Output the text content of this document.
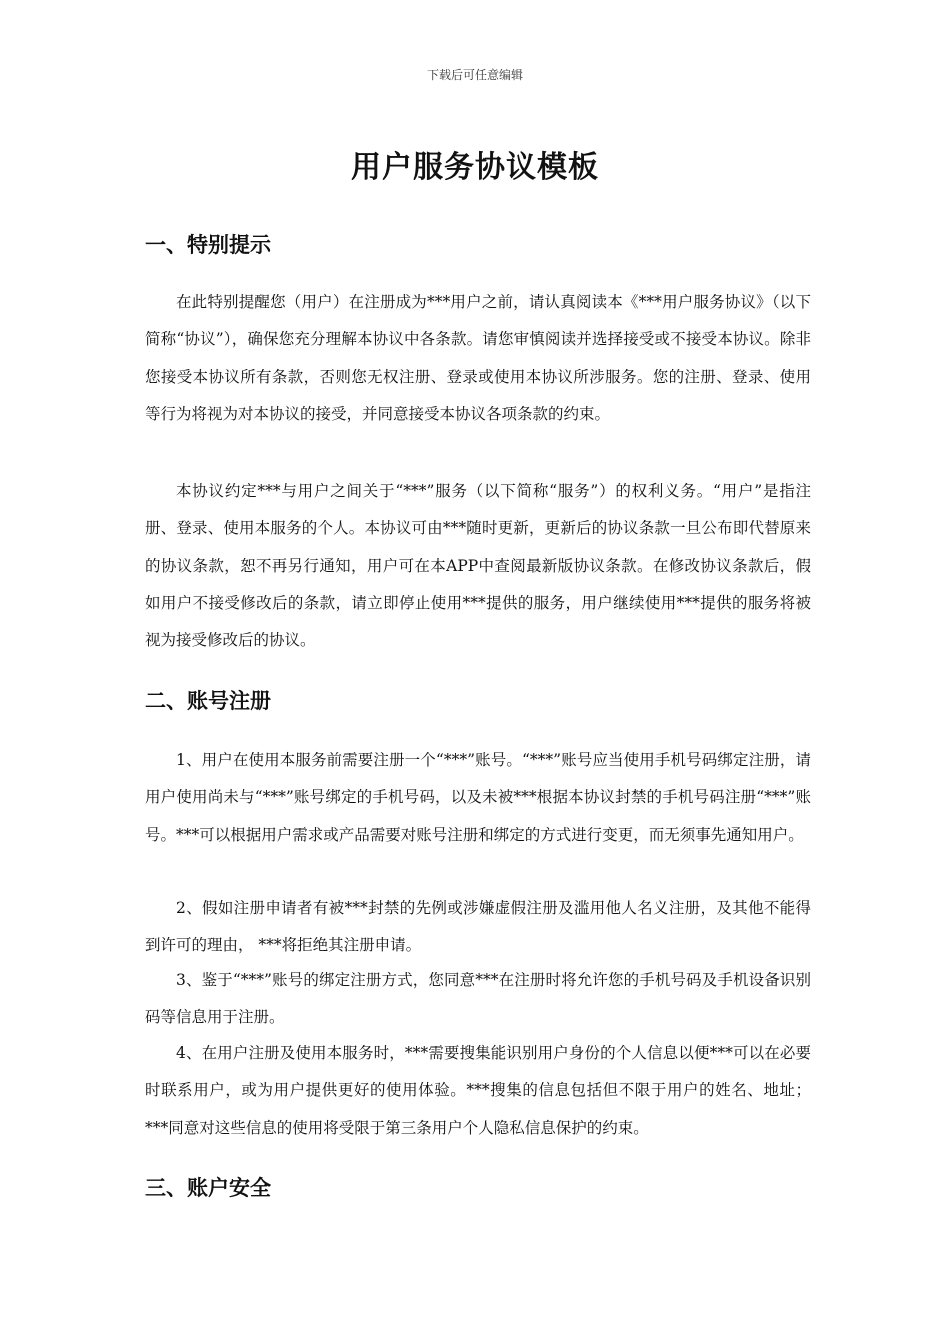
下载后可任意编辑
用户服务协议模板
一、特别提示

在此特别提醒您（用户）在注册成为***用户之前，请认真阅读本《***用户服务协议》（以下简称“协议”），确保您充分理解本协议中各条款。请您审慎阅读并选择接受或不接受本协议。除非您接受本协议所有条款，否则您无权注册、登录或使用本协议所涉服务。您的注册、登录、使用等行为将视为对本协议的接受，并同意接受本协议各项条款的约束。

本协议约定***与用户之间关于“***”服务（以下简称“服务”）的权利义务。“用户”是指注册、登录、使用本服务的个人。本协议可由***随时更新，更新后的协议条款一旦公布即代替原来的协议条款，恕不再另行通知，用户可在本APP中查阅最新版协议条款。在修改协议条款后，假如用户不接受修改后的条款，请立即停止使用***提供的服务，用户继续使用***提供的服务将被视为接受修改后的协议。

二、账号注册

1、用户在使用本服务前需要注册一个“***”账号。“***”账号应当使用手机号码绑定注册，请用户使用尚未与“***”账号绑定的手机号码，以及未被***根据本协议封禁的手机号码注册“***”账号。***可以根据用户需求或产品需要对账号注册和绑定的方式进行变更，而无须事先通知用户。

2、假如注册申请者有被***封禁的先例或涉嫌虚假注册及滥用他人名义注册，及其他不能得到许可的理由， ***将拒绝其注册申请。

3、鉴于“***”账号的绑定注册方式，您同意***在注册时将允许您的手机号码及手机设备识别码等信息用于注册。

4、在用户注册及使用本服务时，***需要搜集能识别用户身份的个人信息以便***可以在必要时联系用户，或为用户提供更好的使用体验。***搜集的信息包括但不限于用户的姓名、地址；***同意对这些信息的使用将受限于第三条用户个人隐私信息保护的约束。

三、账户安全
